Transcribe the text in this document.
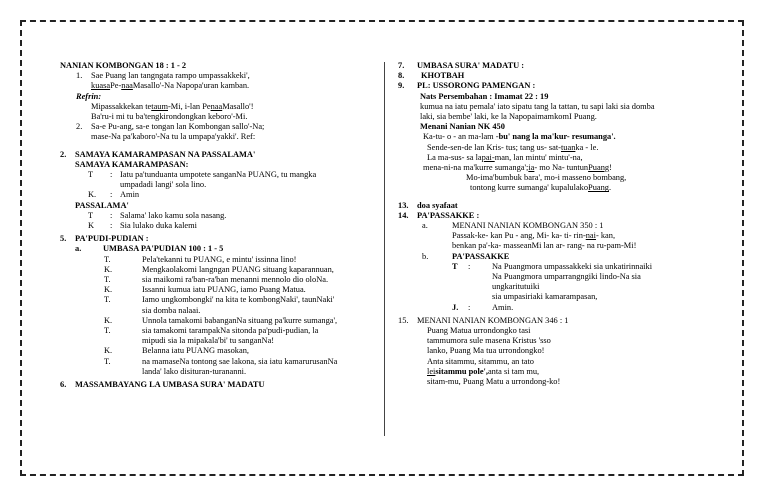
NANIAN KOMBONGAN 18 : 1 - 2
1.	Sae Puang lan tangngata rampo umpassakkeki',
kuasa Pe- naa Masallo'-Na Napopa'uran kamban.
Refrin:
Mipassakkekan te taum -Mi, i-lan Pe naa Masallo'!
Ba'ru-i mi tu ba'tengkirondongkan keboro'-Mi.
2.	Sa-e Pu-ang, sa-e tongan lan Kombongan sallo'-Na;
mase-Na pa'kaboro'-Na tu la umpapa'yakki'. Ref:
2.	SAMAYA KAMARAMPASAN NA PASSALAMA'
SAMAYA KAMARAMPASAN:
T	: Iatu pa'tunduanta umpotete sanganNa PUANG, tu mangka
umpadadi langi' sola lino.
K.	: Amin
PASSALAMA'
T	: Salama' lako kamu sola nasang.
K	: Sia lulako duka kalemi
5.	PA'PUDI-PUDIAN :
a.	UMBASA PA'PUDIAN 100 : 1 - 5
T.	Pela'tekanni tu PUANG, e mintu' issinna lino!
K.	Mengkaolakomi langngan PUANG situang kaparannuan,
T.	sia maikomi ra'ban-ra'ban menanni mennolo dio oloNa.
K.	Issanni kumua iatu PUANG, iamo Puang Matua.
T.	Iamo ungkombongki' na kita te kombongNaki', taunNaki'
sia domba nalaai.
K.	Unnola tamakomi babanganNa situang pa'kurre sumanga',
T.	sia tamakomi tarampakNa sitonda pa'pudi-pudian, la
mipudi sia la mipakala'bi' tu sanganNa!
K.	Belanna iatu PUANG masokan,
T.	na mamaseNa tontong sae lakona, sia iatu kamarurusanNa
landa' lako disituran-turananni.
6.	MASSAMBAYANG LA UMBASA SURA' MADATU
7.	UMBASA SURA' MADATU :
8.	KHOTBAH
9.	PL: USSORONG PAMENGAN :
Nats Persembahan : Imamat 22 : 19
kumua na iatu pemala' iato sipatu tang la tattan, tu sapi laki sia domba
laki, sia bembe' laki, ke la NapopaimamkomI Puang.
Menani Nanian NK 450
Ka-tu- o - an ma-lam - bu' nang la ma'kur- re sumanga'.
Sende-sen-de lan Kris- tus; tang us- sat- tuan ka - le.
La ma-sus- sa la pai- man, lan mintu' mintu'-na,
mena-ni-na ma'kurre sumanga'; ia - mo Na- tuntun Puang !
Mo-ima'bumbuk bara', mo-i masseno bombang,
tontong kurre sumanga' kupalulako Puang .
13.	doa syafaat
14.	PA'PASSAKKE :
a.	MENANI NANIAN KOMBONGAN 350 : 1
Passak-ke- kan Pu - ang, Mi- ka- ti- rin- nai - kan,
benkan pa'-ka- masseanMi lan ar- rang- na ru-pam-Mi!
b.	PA'PASSAKKE
T	:	Na Puangmora umpassakkeki sia unkatirinnaiki
Na Puangmora umparrangngiki lindo-Na sia
ungkaritutuiki
sia umpasiriaki kamarampasan,
J.	:	Amin.
15.	MENANI NANIAN KOMBONGAN 346 : 1
Puang Matua urrondongko tasi
tammumora sule masena Kristus 'sso
lanko, Puang Ma tua urrondongko!
Anta sitammu, sitammu, an tato
lei sitammu pole', anta si tam mu,
sitam-mu, Puang Matu a urrondong-ko!
